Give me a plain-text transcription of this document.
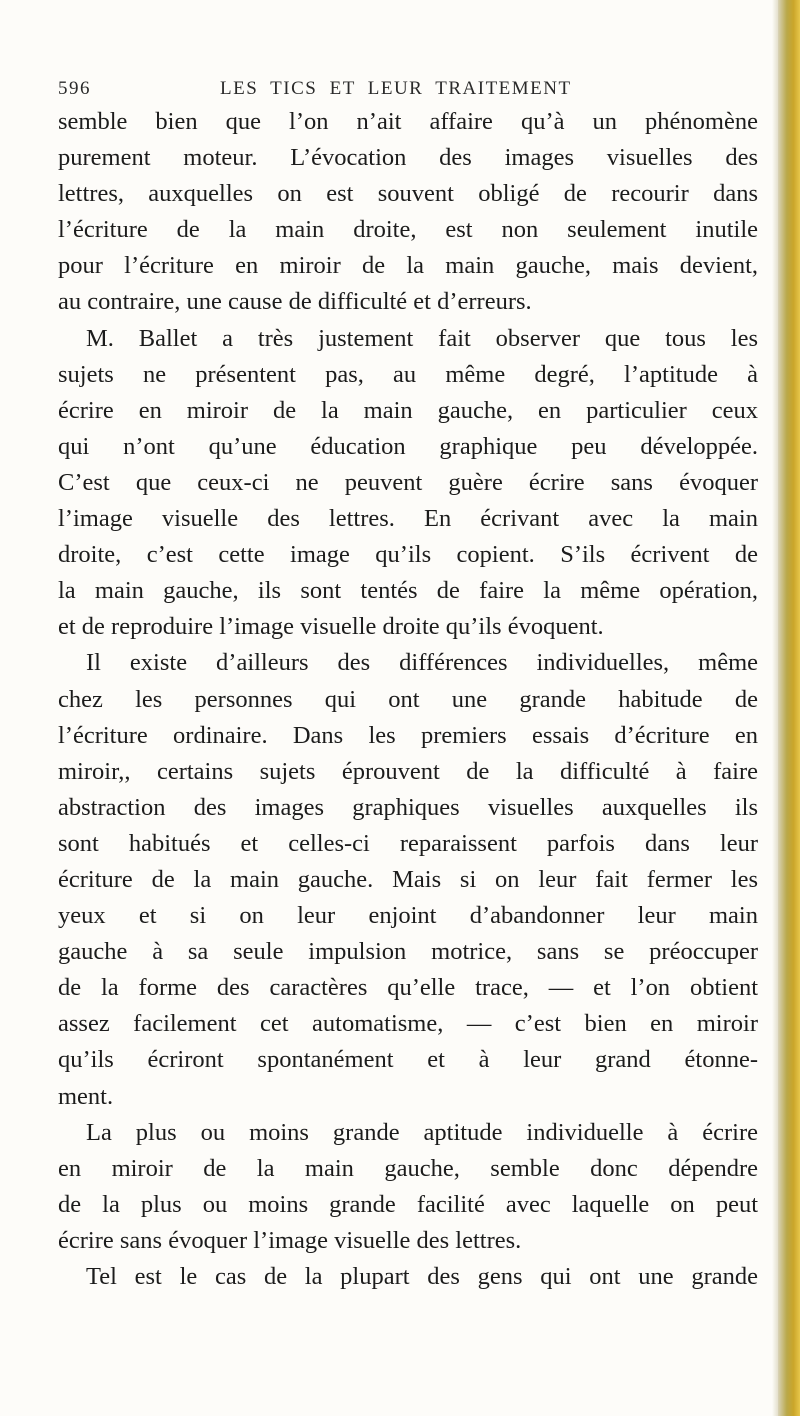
596	LES TICS ET LEUR TRAITEMENT
semble bien que l’on n’ait affaire qu’à un phénomène
purement moteur. L’évocation des images visuelles des
lettres, auxquelles on est souvent obligé de recourir dans
l’écriture de la main droite, est non seulement inutile
pour l’écriture en miroir de la main gauche, mais devient,
au contraire, une cause de difficulté et d’erreurs.
M. Ballet a très justement fait observer que tous les
sujets ne présentent pas, au même degré, l’aptitude à
écrire en miroir de la main gauche, en particulier ceux
qui n’ont qu’une éducation graphique peu développée.
C’est que ceux-ci ne peuvent guère écrire sans évoquer
l’image visuelle des lettres. En écrivant avec la main
droite, c’est cette image qu’ils copient. S’ils écrivent de
la main gauche, ils sont tentés de faire la même opération,
et de reproduire l’image visuelle droite qu’ils évoquent.
Il existe d’ailleurs des différences individuelles, même
chez les personnes qui ont une grande habitude de
l’écriture ordinaire. Dans les premiers essais d’écriture en
miroir,, certains sujets éprouvent de la difficulté à faire
abstraction des images graphiques visuelles auxquelles ils
sont habitués et celles-ci reparaissent parfois dans leur
écriture de la main gauche. Mais si on leur fait fermer les
yeux et si on leur enjoint d’abandonner leur main
gauche à sa seule impulsion motrice, sans se préoccuper
de la forme des caractères qu’elle trace, — et l’on obtient
assez facilement cet automatisme, — c’est bien en miroir
qu’ils écriront spontanément et à leur grand étonne-
ment.
La plus ou moins grande aptitude individuelle à écrire
en miroir de la main gauche, semble donc dépendre
de la plus ou moins grande facilité avec laquelle on peut
écrire sans évoquer l’image visuelle des lettres.
Tel est le cas de la plupart des gens qui ont une grande
